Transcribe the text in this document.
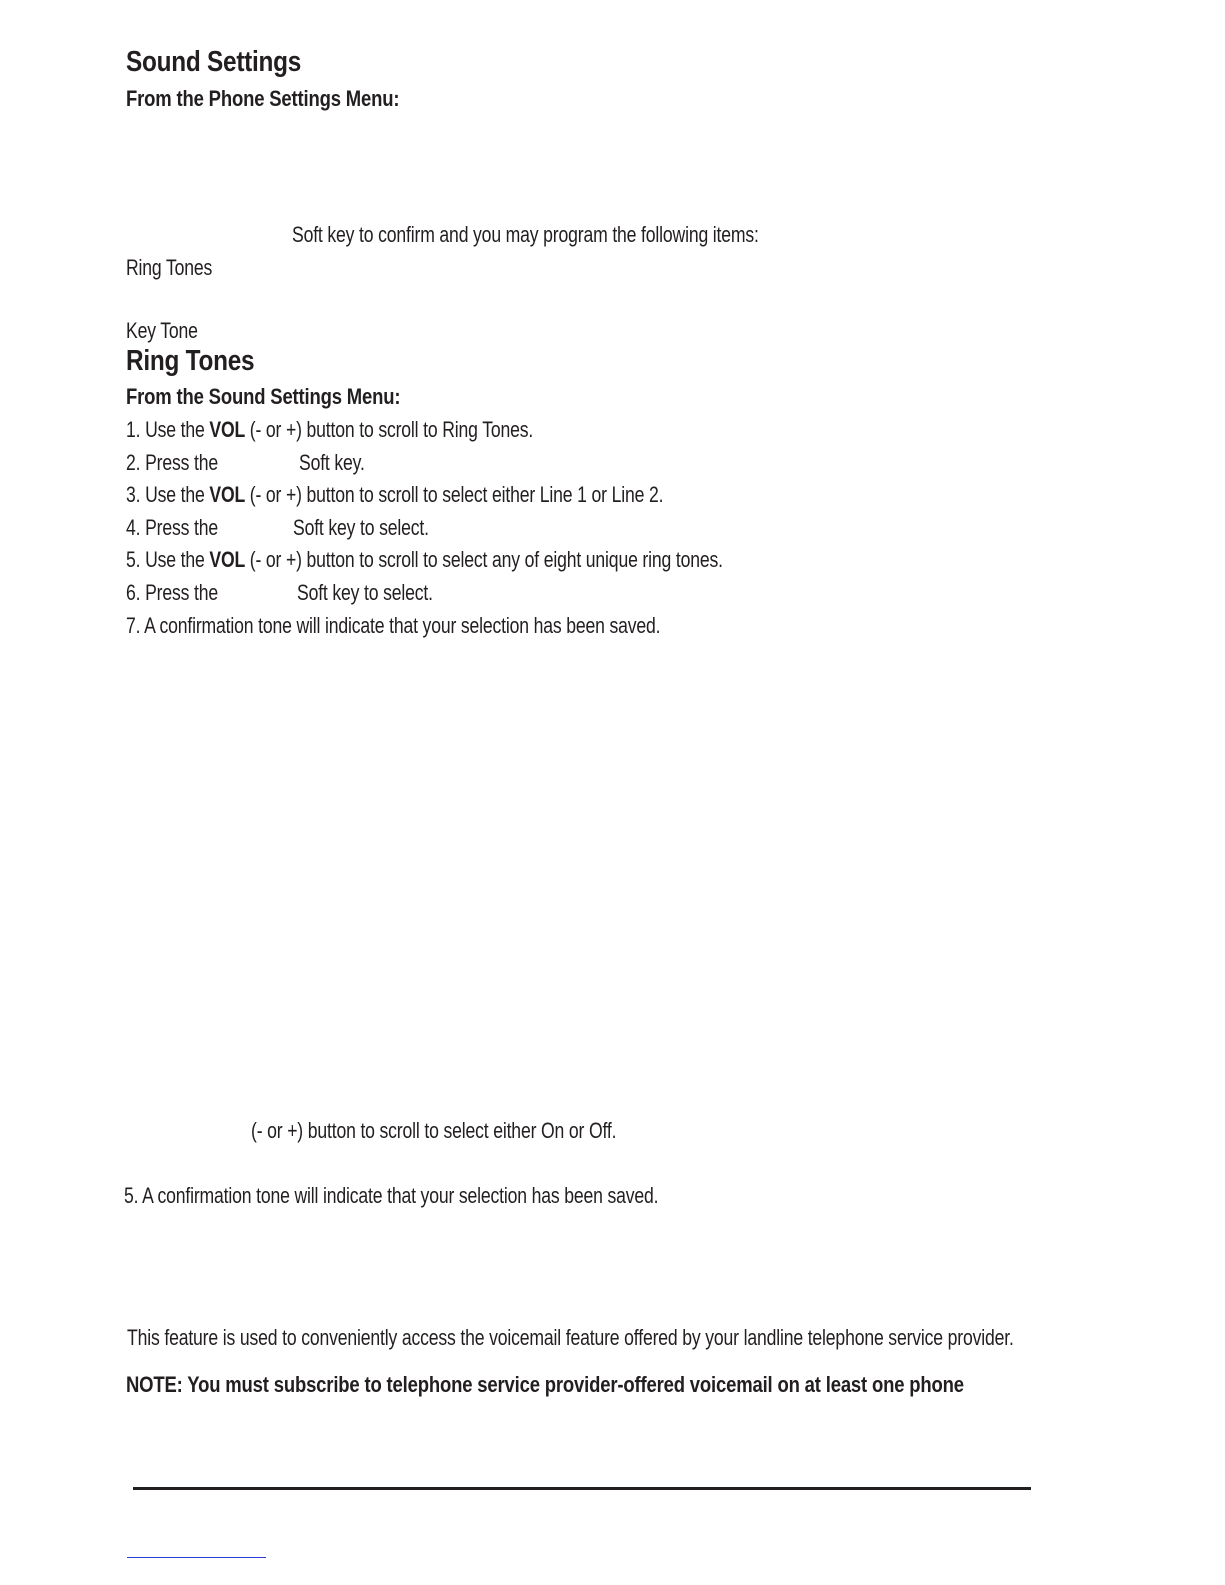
Sound Settings
From the Phone Settings Menu:
Soft key to confirm and you may program the following items:
Ring Tones
Key Tone
Ring Tones
From the Sound Settings Menu:
1. Use the VOL (- or +) button to scroll to Ring Tones.
2. Press the	Soft key.
3. Use the VOL (- or +) button to scroll to select either Line 1 or Line 2.
4. Press the	Soft key to select.
5. Use the VOL (- or +) button to scroll to select any of eight unique ring tones.
6. Press the	Soft key to select.
7. A confirmation tone will indicate that your selection has been saved.
(- or +) button to scroll to select either On or Off.
5. A confirmation tone will indicate that your selection has been saved.
This feature is used to conveniently access the voicemail feature offered by your landline telephone service provider.
NOTE: You must subscribe to telephone service provider-offered voicemail on at least one phone
